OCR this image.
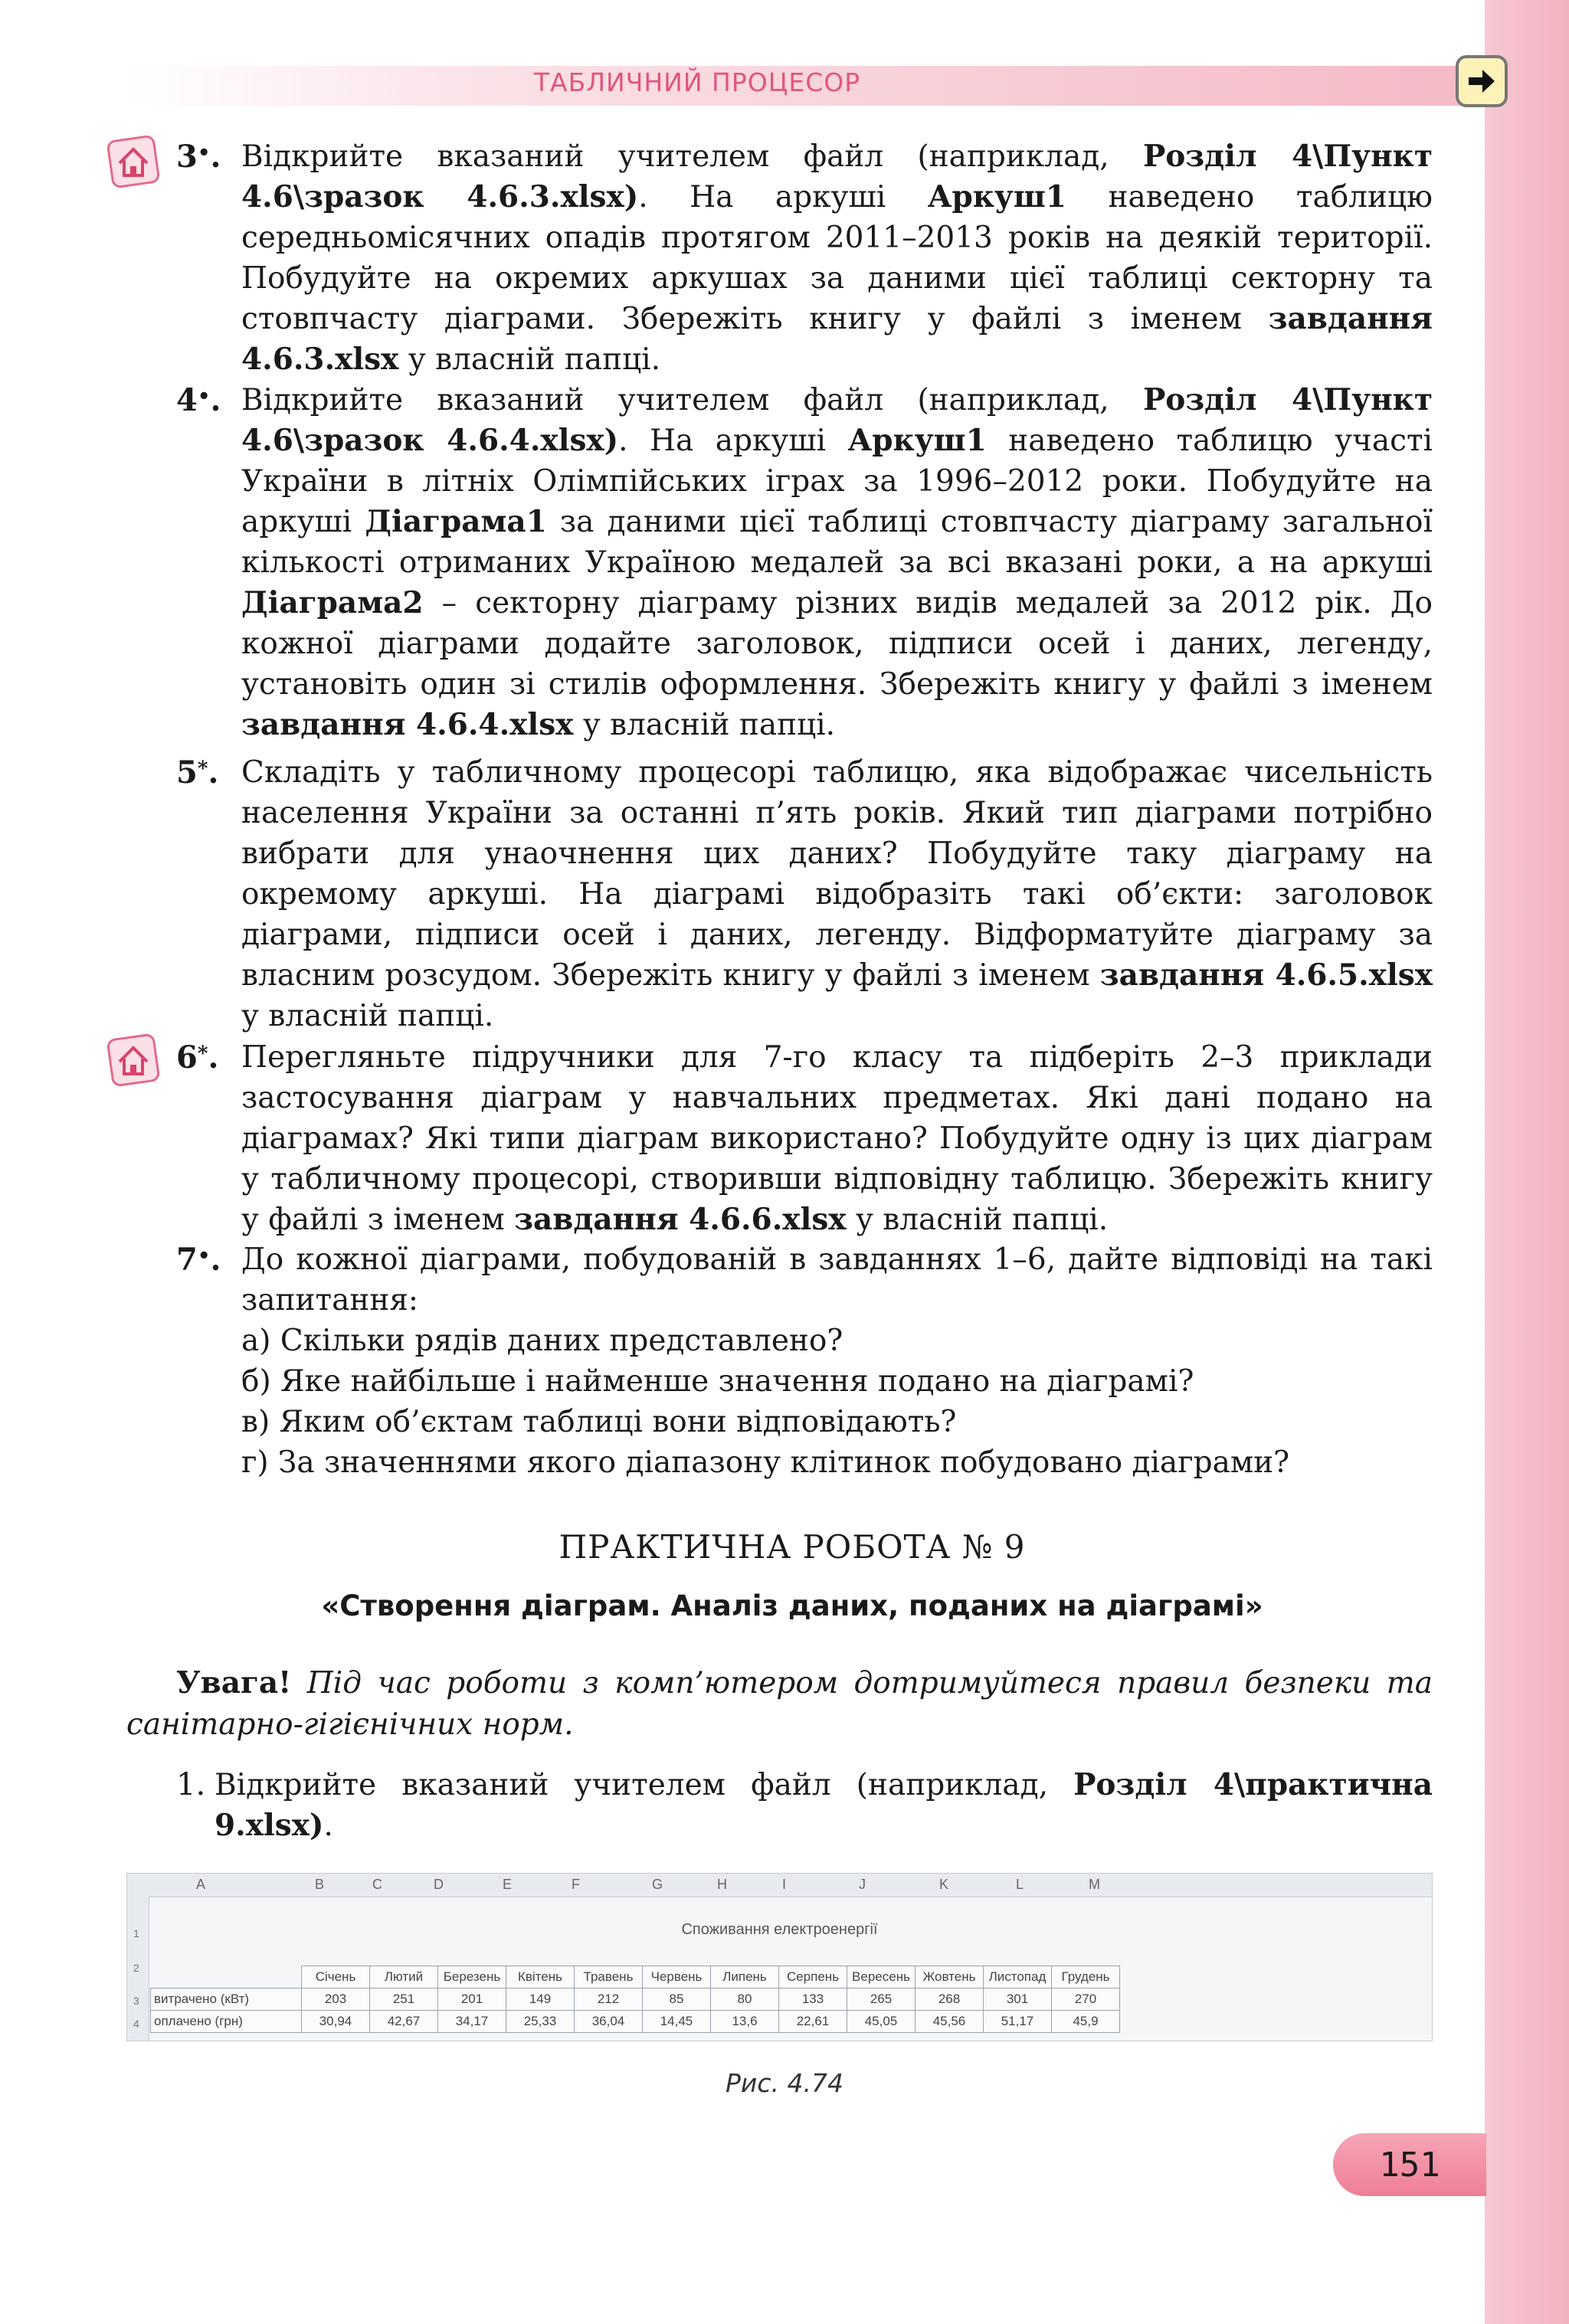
ТАБЛИЧНИЙ ПРОЦЕСОР
3•. Відкрийте вказаний учителем файл (наприклад, Розділ 4\Пункт 4.6\зразок 4.6.3.xlsx). На аркуші Аркуш1 наведено таблицю середньомісячних опадів протягом 2011–2013 років на деякій території. Побудуйте на окремих аркушах за даними цієї таблиці секторну та стовпчасту діаграми. Збережіть книгу у файлі з іменем завдання 4.6.3.xlsx у власній папці.
4•. Відкрийте вказаний учителем файл (наприклад, Розділ 4\Пункт 4.6\зразок 4.6.4.xlsx). На аркуші Аркуш1 наведено таблицю участі України в літніх Олімпійських іграх за 1996–2012 роки. Побудуйте на аркуші Діаграма1 за даними цієї таблиці стовпчасту діаграму загальної кількості отриманих Україною медалей за всі вказані роки, а на аркуші Діаграма2 – секторну діаграму різних видів медалей за 2012 рік. До кожної діаграми додайте заголовок, підписи осей і даних, легенду, установіть один зі стилів оформлення. Збережіть книгу у файлі з іменем завдання 4.6.4.xlsx у власній папці.
5*. Складіть у табличному процесорі таблицю, яка відображає чисельність населення України за останні п’ять років. Який тип діаграми потрібно вибрати для унаочнення цих даних? Побудуйте таку діаграму на окремому аркуші. На діаграмі відобразіть такі об’єкти: заголовок діаграми, підписи осей і даних, легенду. Відформатуйте діаграму за власним розсудом. Збережіть книгу у файлі з іменем завдання 4.6.5.xlsx у власній папці.
6*. Перегляньте підручники для 7-го класу та підберіть 2–3 приклади застосування діаграм у навчальних предметах. Які дані подано на діаграмах? Які типи діаграм використано? Побудуйте одну із цих діаграм у табличному процесорі, створивши відповідну таблицю. Збережіть книгу у файлі з іменем завдання 4.6.6.xlsx у власній папці.
7•. До кожної діаграми, побудованій в завданнях 1–6, дайте відповіді на такі запитання:
а) Скільки рядів даних представлено?
б) Яке найбільше і найменше значення подано на діаграмі?
в) Яким об’єктам таблиці вони відповідають?
г) За значеннями якого діапазону клітинок побудовано діаграми?
ПРАКТИЧНА РОБОТА № 9
«Створення діаграм. Аналіз даних, поданих на діаграмі»
Увага! Під час роботи з комп’ютером дотримуйтеся правил безпеки та санітарно-гігієнічних норм.
1. Відкрийте вказаний учителем файл (наприклад, Розділ 4\практична 9.xlsx).
A	B	C	D	E	F	G	H	I	J	K	L	M
1
2
3
4
Споживання електроенергії
	Січень	Лютий	Березень	Квітень	Травень	Червень	Липень	Серпень	Вересень	Жовтень	Листопад	Грудень
витрачено (кВт)	203	251	201	149	212	85	80	133	265	268	301	270
оплачено (грн)	30,94	42,67	34,17	25,33	36,04	14,45	13,6	22,61	45,05	45,56	51,17	45,9
Рис. 4.74
151
